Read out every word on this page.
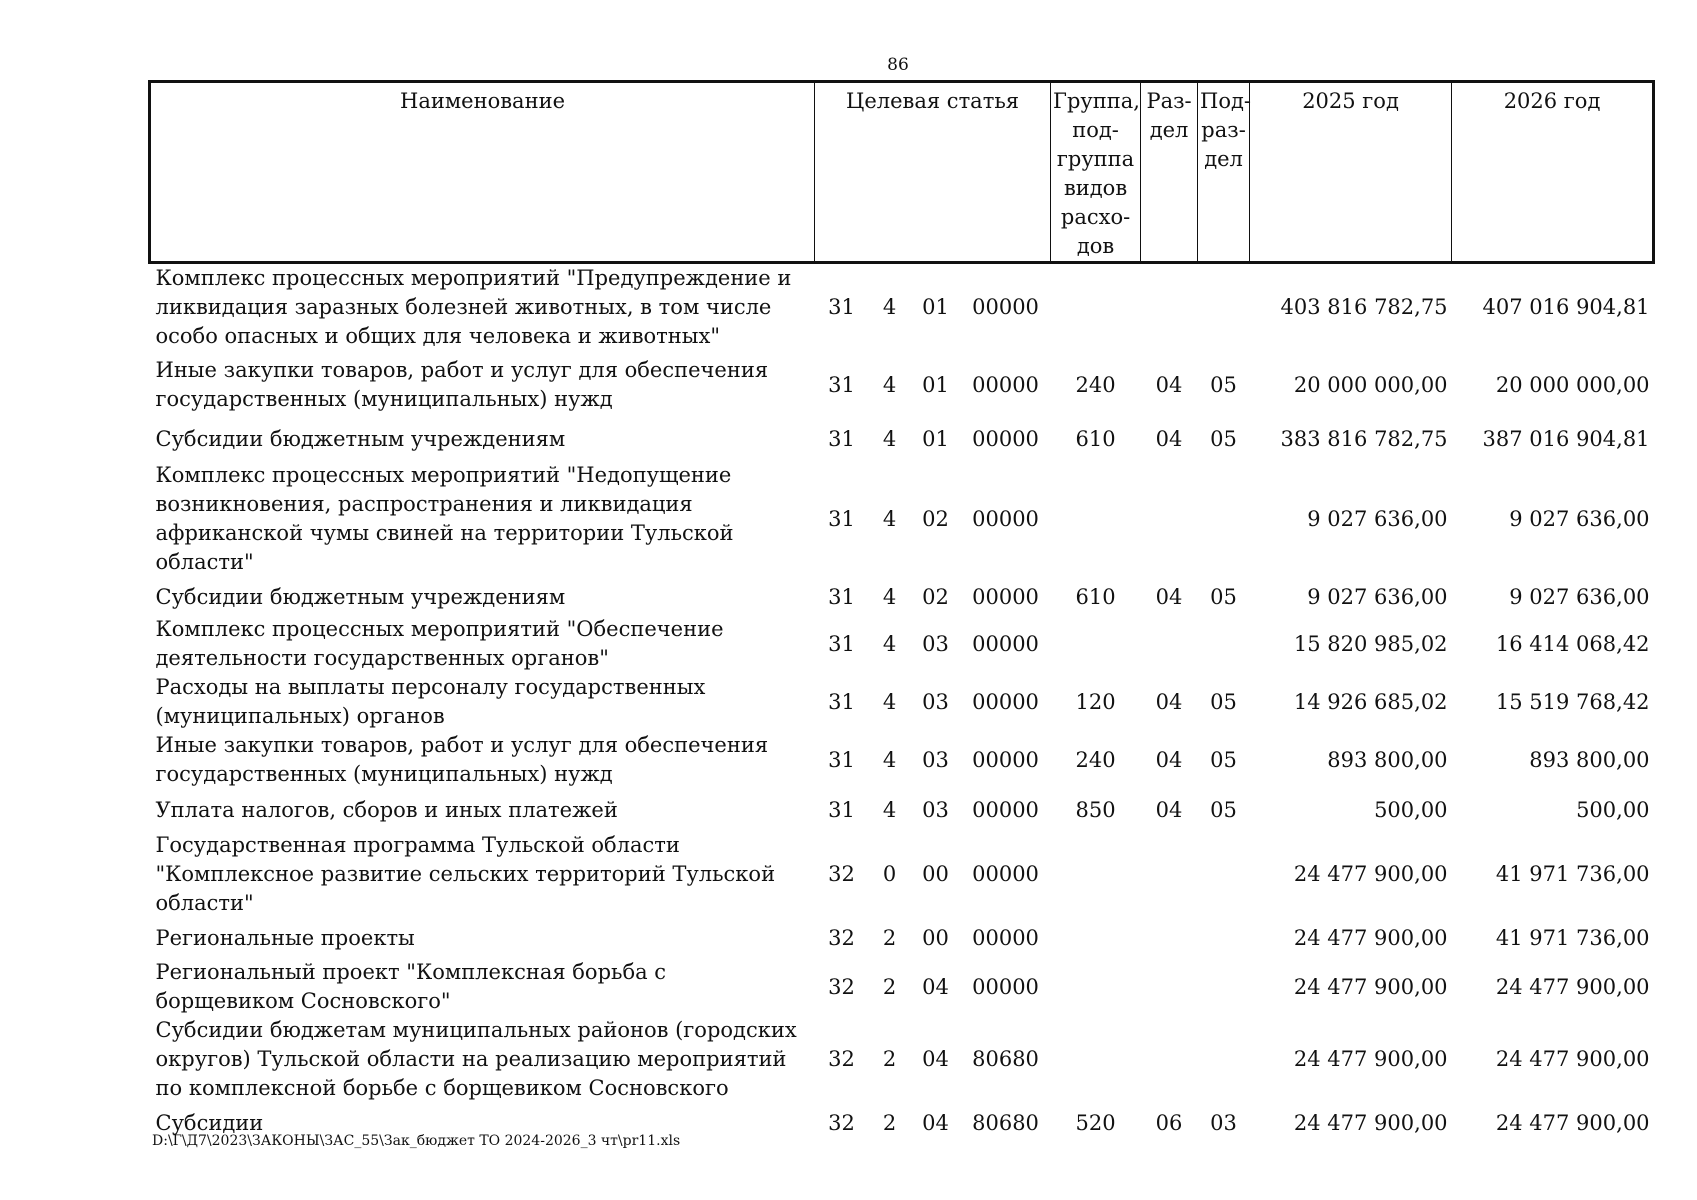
86
Наименование	Целевая статья				Группа, под-группа видов расхо-дов	Раз-дел	Под-раз-дел	2025 год	2026 год
Комплекс процессных мероприятий "Предупреждение и ликвидация заразных болезней животных, в том числе особо опасных и общих для человека и животных"	31	4	01	00000				403 816 782,75	407 016 904,81
Иные закупки товаров, работ и услуг для обеспечения государственных (муниципальных) нужд	31	4	01	00000	240	04	05	20 000 000,00	20 000 000,00
Субсидии бюджетным учреждениям	31	4	01	00000	610	04	05	383 816 782,75	387 016 904,81
Комплекс процессных мероприятий "Недопущение возникновения, распространения и ликвидация африканской чумы свиней на территории Тульской области"	31	4	02	00000				9 027 636,00	9 027 636,00
Субсидии бюджетным учреждениям	31	4	02	00000	610	04	05	9 027 636,00	9 027 636,00
Комплекс процессных мероприятий "Обеспечение деятельности государственных органов"	31	4	03	00000				15 820 985,02	16 414 068,42
Расходы на выплаты персоналу государственных (муниципальных) органов	31	4	03	00000	120	04	05	14 926 685,02	15 519 768,42
Иные закупки товаров, работ и услуг для обеспечения государственных (муниципальных) нужд	31	4	03	00000	240	04	05	893 800,00	893 800,00
Уплата налогов, сборов и иных платежей	31	4	03	00000	850	04	05	500,00	500,00
Государственная программа Тульской области "Комплексное развитие сельских территорий Тульской области"	32	0	00	00000				24 477 900,00	41 971 736,00
Региональные проекты	32	2	00	00000				24 477 900,00	41 971 736,00
Региональный проект "Комплексная борьба с борщевиком Сосновского"	32	2	04	00000				24 477 900,00	24 477 900,00
Субсидии бюджетам муниципальных районов (городских округов) Тульской области на реализацию мероприятий по комплексной борьбе с борщевиком Сосновского	32	2	04	80680				24 477 900,00	24 477 900,00
Субсидии	32	2	04	80680	520	06	03	24 477 900,00	24 477 900,00
D:\Г\Д7\2023\ЗАКОНЫ\ЗАС_55\Зак_бюджет ТО 2024-2026_3 чт\pr11.xls
